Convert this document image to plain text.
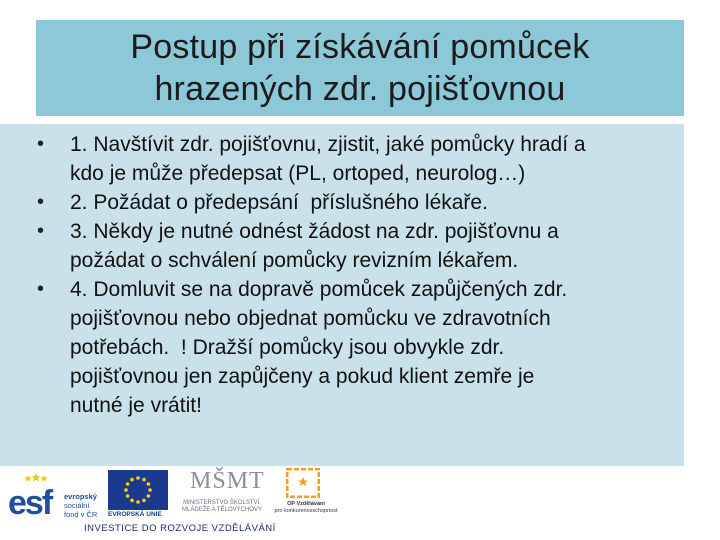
Postup při získávání pomůcek
hrazených zdr. pojišťovnou
• 1. Navštívit zdr. pojišťovnu, zjistit, jaké pomůcky hradí a
kdo je může předepsat (PL, ortoped, neurolog…)
• 2. Požádat o předepsání  příslušného lékaře.
• 3. Někdy je nutné odnést žádost na zdr. pojišťovnu a
požádat o schválení pomůcky revizním lékařem.
• 4. Domluvit se na dopravě pomůcek zapůjčených zdr.
pojišťovnou nebo objednat pomůcku ve zdravotních
potřebách.  ! Dražší pomůcky jsou obvykle zdr.
pojišťovnou jen zapůjčeny a pokud klient zemře je
nutné je vrátit!
esf	evropský
sociální
fond v ČR EVROPSKÁ UNIE
MŠMT
MINISTERSTVO ŠKOLSTVÍ,
MLÁDEŽE A TĚLOVÝCHOVY
OP Vzdělávání
pro konkurenceschopnost
INVESTICE DO ROZVOJE VZDĚLÁVÁNÍ
